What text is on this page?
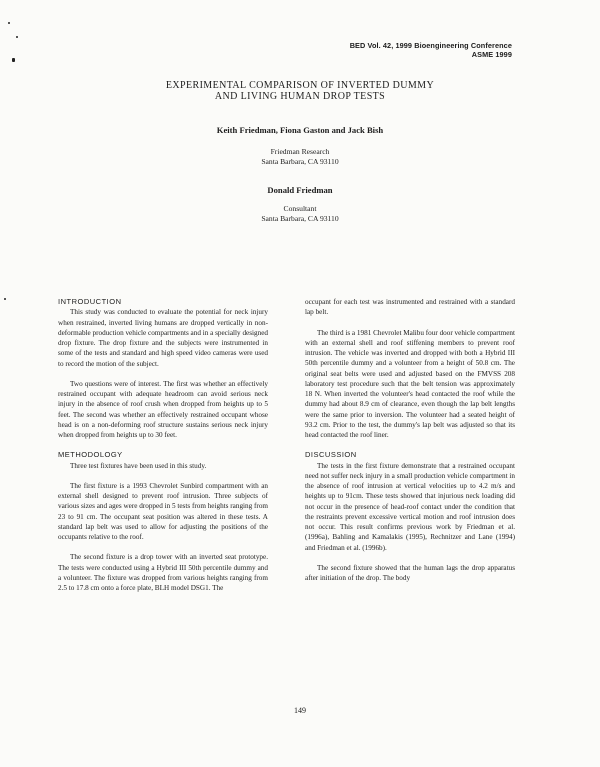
BED Vol. 42, 1999 Bioengineering Conference
ASME 1999
EXPERIMENTAL COMPARISON OF INVERTED DUMMY
AND LIVING HUMAN DROP TESTS
Keith Friedman, Fiona Gaston and Jack Bish
Friedman Research
Santa Barbara, CA 93110
Donald Friedman
Consultant
Santa Barbara, CA 93110
INTRODUCTION

This study was conducted to evaluate the potential for neck injury when restrained, inverted living humans are dropped vertically in non-deformable production vehicle compartments and in a specially designed drop fixture. The drop fixture and the subjects were instrumented in some of the tests and standard and high speed video cameras were used to record the motion of the subject.

Two questions were of interest. The first was whether an effectively restrained occupant with adequate headroom can avoid serious neck injury in the absence of roof crush when dropped from heights up to 5 feet. The second was whether an effectively restrained occupant whose head is on a non-deforming roof structure sustains serious neck injury when dropped from heights up to 30 feet.

METHODOLOGY

Three test fixtures have been used in this study.

The first fixture is a 1993 Chevrolet Sunbird compartment with an external shell designed to prevent roof intrusion. Three subjects of various sizes and ages were dropped in 5 tests from heights ranging from 23 to 91 cm. The occupant seat position was altered in these tests. A standard lap belt was used to allow for adjusting the positions of the occupants relative to the roof.

The second fixture is a drop tower with an inverted seat prototype. The tests were conducted using a Hybrid III 50th percentile dummy and a volunteer. The fixture was dropped from various heights ranging from 2.5 to 17.8 cm onto a force plate, BLH model DSG1. The

occupant for each test was instrumented and restrained with a standard lap belt.

The third is a 1981 Chevrolet Malibu four door vehicle compartment with an external shell and roof stiffening members to prevent roof intrusion. The vehicle was inverted and dropped with both a Hybrid III 50th percentile dummy and a volunteer from a height of 50.8 cm. The original seat belts were used and adjusted based on the FMVSS 208 laboratory test procedure such that the belt tension was approximately 18 N. When inverted the volunteer's head contacted the roof while the dummy had about 8.9 cm of clearance, even though the lap belt lengths were the same prior to inversion. The volunteer had a seated height of 93.2 cm. Prior to the test, the dummy's lap belt was adjusted so that its head contacted the roof liner.

DISCUSSION

The tests in the first fixture demonstrate that a restrained occupant need not suffer neck injury in a small production vehicle compartment in the absence of roof intrusion at vertical velocities up to 4.2 m/s and heights up to 91cm. These tests showed that injurious neck loading did not occur in the presence of head-roof contact under the condition that the restraints prevent excessive vertical motion and roof intrusion does not occur. This result confirms previous work by Friedman et al. (1996a), Bahling and Kamalakis (1995), Rechnitzer and Lane (1994) and Friedman et al. (1996b).

The second fixture showed that the human lags the drop apparatus after initiation of the drop. The body

149
